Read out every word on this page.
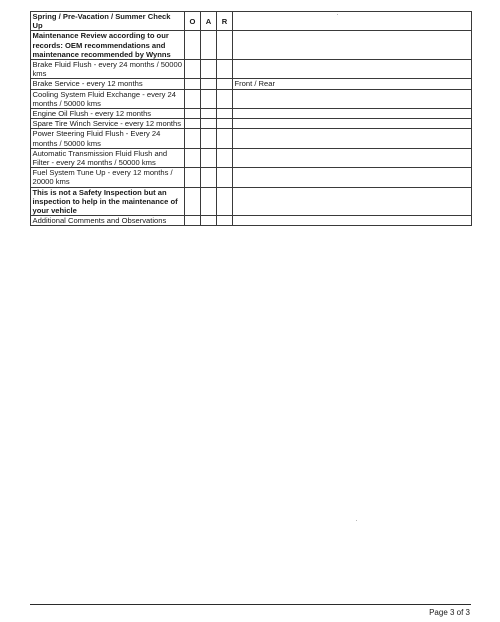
Spring / Pre-Vacation / Summer Check Up	O	A	R	
Maintenance Review according to our records: OEM recommendations and maintenance recommended by Wynns				
Brake Fluid Flush - every 24 months / 50000 kms				
Brake Service - every 12 months				Front / Rear
Cooling System Fluid Exchange - every 24 months / 50000 kms				
Engine Oil Flush - every 12 months				
Spare Tire Winch Service - every 12 months				
Power Steering Fluid Flush - Every 24 months / 50000 kms				
Automatic Transmission Fluid Flush and Filter - every 24 months / 50000 kms				
Fuel System Tune Up - every 12 months / 20000 kms				
This is not a Safety Inspection but an inspection to help in the maintenance of your vehicle				
Additional Comments and Observations				
Page 3 of 3
